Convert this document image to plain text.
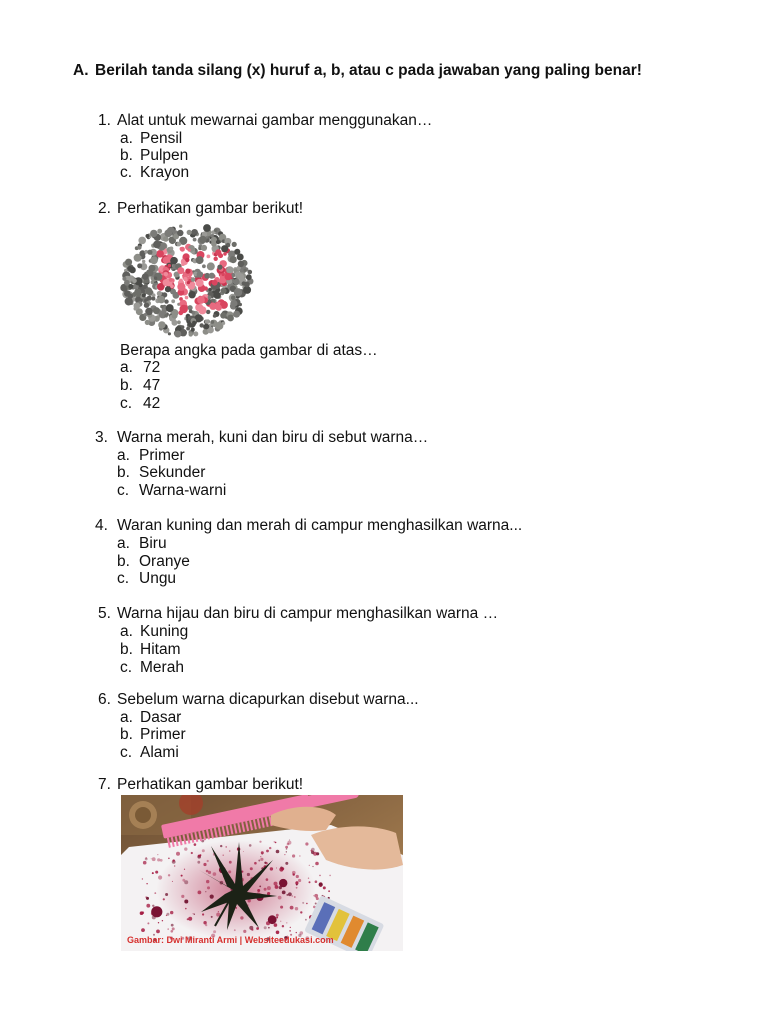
A. Berilah tanda silang (x) huruf a, b, atau c pada jawaban yang paling benar!
1. Alat untuk mewarnai gambar menggunakan…
a. Pensil
b. Pulpen
c. Krayon
2. Perhatikan gambar berikut!
Berapa angka pada gambar di atas…
a. 72
b. 47
c. 42
3. Warna merah, kuni dan biru di sebut warna…
a. Primer
b. Sekunder
c. Warna-warni
4. Waran kuning dan merah di campur menghasilkan warna...
a. Biru
b. Oranye
c. Ungu
5. Warna hijau dan biru di campur menghasilkan warna …
a. Kuning
b. Hitam
c. Merah
6. Sebelum warna dicapurkan disebut warna...
a. Dasar
b. Primer
c. Alami
7. Perhatikan gambar berikut!
Gambar: Dwi Miranti Armi | Websiteedukasi.com
